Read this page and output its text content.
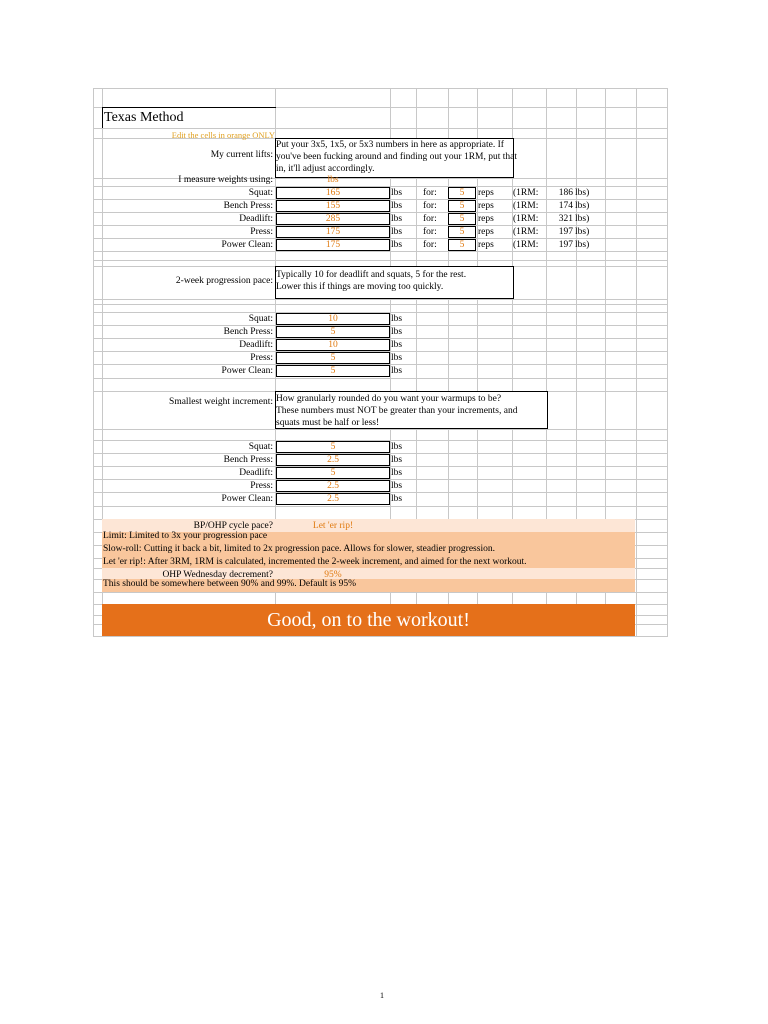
Texas Method
Edit the cells in orange ONLY
My current lifts:
Put your 3x5, 1x5, or 5x3 numbers in here as appropriate. If
you've been fucking around and finding out your 1RM, put that
in, it'll adjust accordingly.
I measure weights using:	lbs
Squat:	165	lbs for:	5	reps (1RM:	186 lbs)
Bench Press:	155	lbs for:	5	reps (1RM:	174 lbs)
Deadlift:	285	lbs for:	5	reps (1RM:	321 lbs)
Press:	175	lbs for:	5	reps (1RM:	197 lbs)
Power Clean:	175	lbs for:	5	reps (1RM:	197 lbs)
2-week progression pace:
Typically 10 for deadlift and squats, 5 for the rest.
Lower this if things are moving too quickly.
Squat:	10	lbs
Bench Press:	5	lbs
Deadlift:	10	lbs
Press:	5	lbs
Power Clean:	5	lbs
Smallest weight increment: How granularly rounded do you want your warmups to be?
These numbers must NOT be greater than your increments, and
squats must be half or less!
Squat:	5	lbs
Bench Press:	2.5	lbs
Deadlift:	5	lbs
Press:	2.5	lbs
Power Clean:	2.5	lbs
BP/OHP cycle pace?	Let 'er rip!
Limit: Limited to 3x your progression pace
Slow-roll: Cutting it back a bit, limited to 2x progression pace. Allows for slower, steadier progression.
Let 'er rip!: After 3RM, 1RM is calculated, incremented the 2-week increment, and aimed for the next workout.
OHP Wednesday decrement?	95%
This should be somewhere between 90% and 99%. Default is 95%
Good, on to the workout!
1
